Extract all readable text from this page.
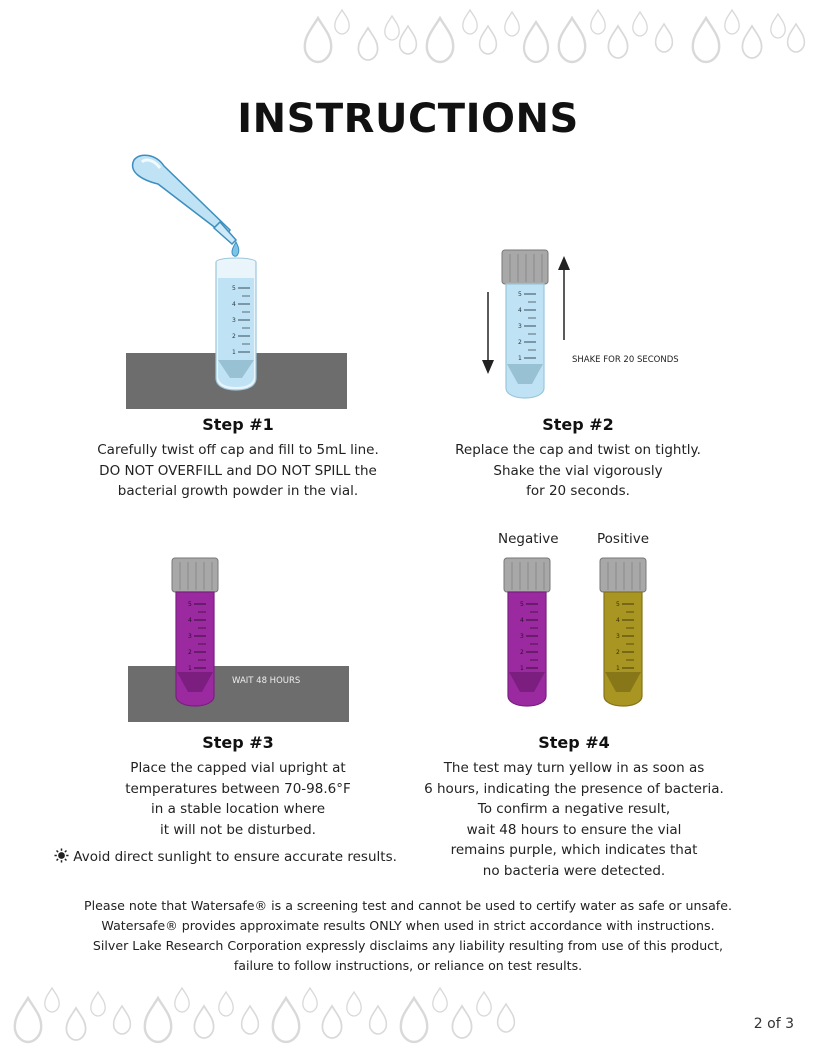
INSTRUCTIONS
5
4
3
2
1
5
4
3
2
1	SHAKE FOR 20 SECONDS
5
4
3
2
1
WAIT 48 HOURS
Negative	Positive
5
4
3
2
1
5
4
3
2
1
Step #1
Carefully twist off cap and fill to 5mL line.
DO NOT OVERFILL and DO NOT SPILL the
bacterial growth powder in the vial.
Step #2
Replace the cap and twist on tightly.
Shake the vial vigorously
for 20 seconds.
Step #3
Place the capped vial upright at
temperatures between 70-98.6°F
in a stable location where
it will not be disturbed.
Avoid direct sunlight to ensure accurate results.
Step #4
The test may turn yellow in as soon as
6 hours, indicating the presence of bacteria.
To confirm a negative result,
wait 48 hours to ensure the vial
remains purple, which indicates that
no bacteria were detected.
Please note that Watersafe® is a screening test and cannot be used to certify water as safe or unsafe.
Watersafe® provides approximate results ONLY when used in strict accordance with instructions.
Silver Lake Research Corporation expressly disclaims any liability resulting from use of this product,
failure to follow instructions, or reliance on test results.
2 of 3
